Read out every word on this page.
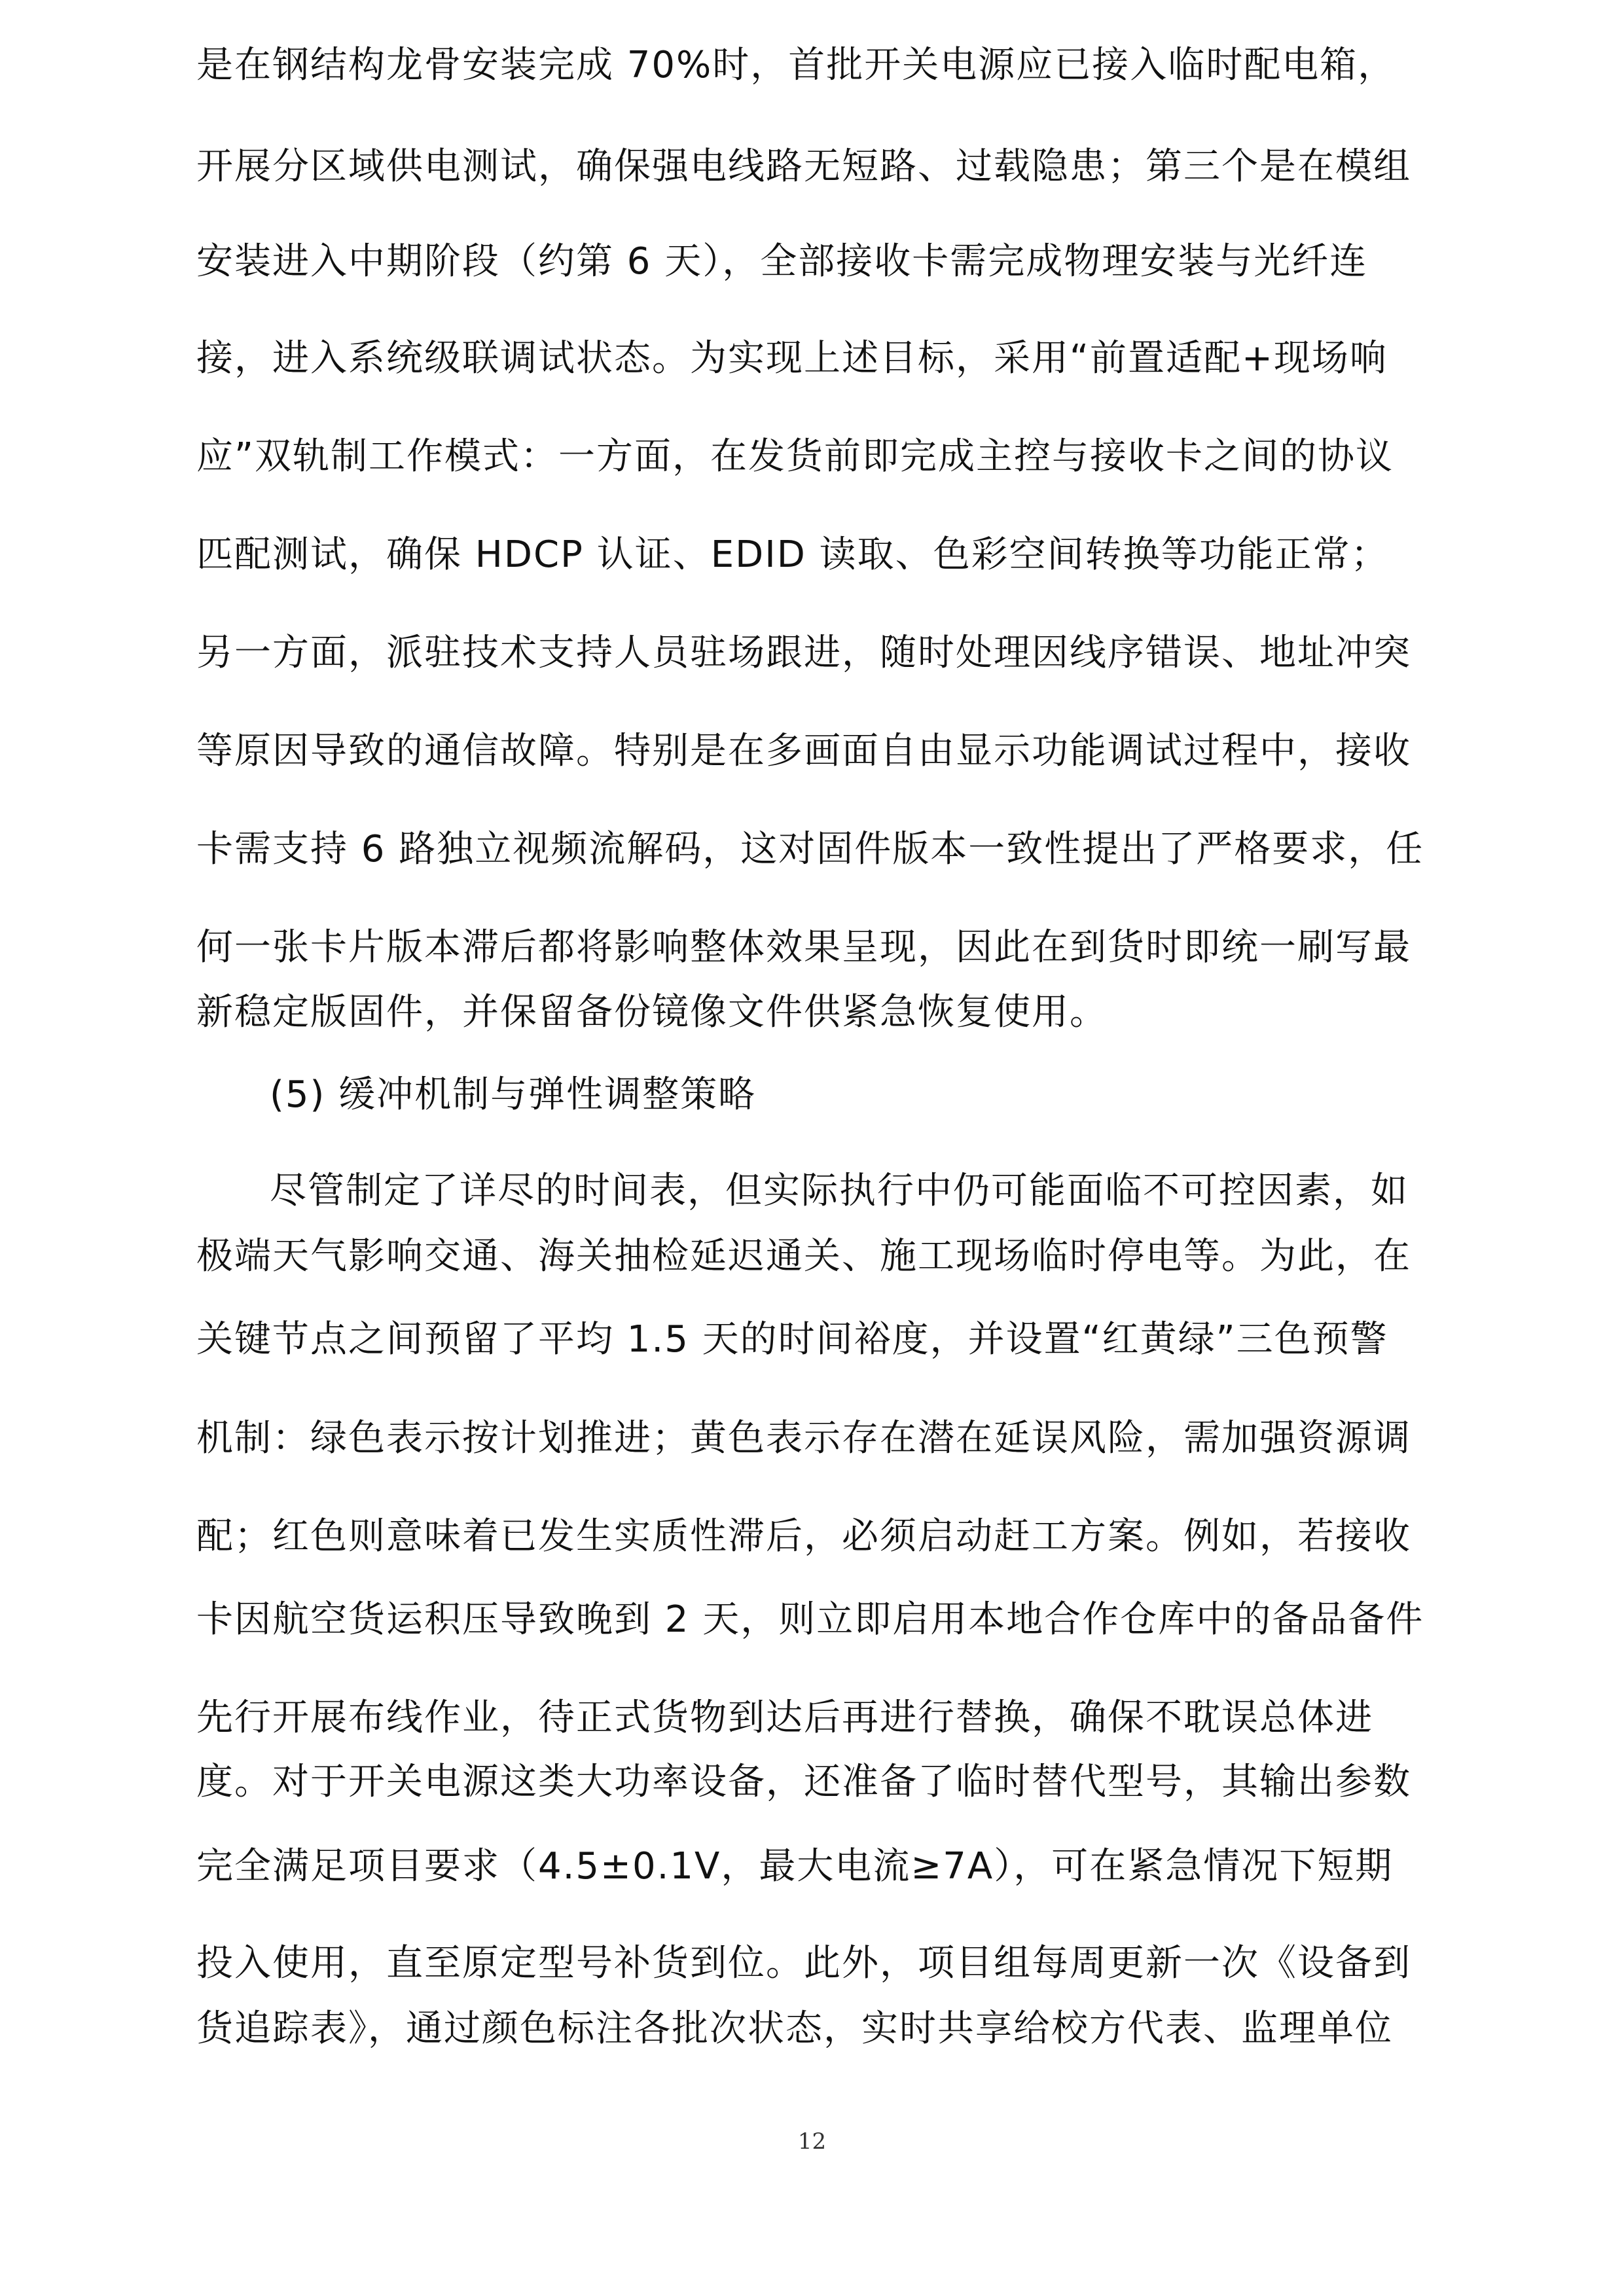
是在钢结构龙骨安装完成 70%时，首批开关电源应已接入临时配电箱，
开展分区域供电测试，确保强电线路无短路、过载隐患；第三个是在模组
安装进入中期阶段（约第 6 天），全部接收卡需完成物理安装与光纤连
接，进入系统级联调试状态。为实现上述目标，采用“前置适配+现场响
应”双轨制工作模式：一方面，在发货前即完成主控与接收卡之间的协议
匹配测试，确保 HDCP 认证、EDID 读取、色彩空间转换等功能正常；
另一方面，派驻技术支持人员驻场跟进，随时处理因线序错误、地址冲突
等原因导致的通信故障。特别是在多画面自由显示功能调试过程中，接收
卡需支持 6 路独立视频流解码，这对固件版本一致性提出了严格要求，任
何一张卡片版本滞后都将影响整体效果呈现，因此在到货时即统一刷写最
新稳定版固件，并保留备份镜像文件供紧急恢复使用。
(5) 缓冲机制与弹性调整策略
尽管制定了详尽的时间表，但实际执行中仍可能面临不可控因素，如
极端天气影响交通、海关抽检延迟通关、施工现场临时停电等。为此，在
关键节点之间预留了平均 1.5 天的时间裕度，并设置“红黄绿”三色预警
机制：绿色表示按计划推进；黄色表示存在潜在延误风险，需加强资源调
配；红色则意味着已发生实质性滞后，必须启动赶工方案。例如，若接收
卡因航空货运积压导致晚到 2 天，则立即启用本地合作仓库中的备品备件
先行开展布线作业，待正式货物到达后再进行替换，确保不耽误总体进
度。对于开关电源这类大功率设备，还准备了临时替代型号，其输出参数
完全满足项目要求（4.5±0.1V，最大电流≥7A），可在紧急情况下短期
投入使用，直至原定型号补货到位。此外，项目组每周更新一次《设备到
货追踪表》，通过颜色标注各批次状态，实时共享给校方代表、监理单位
12
